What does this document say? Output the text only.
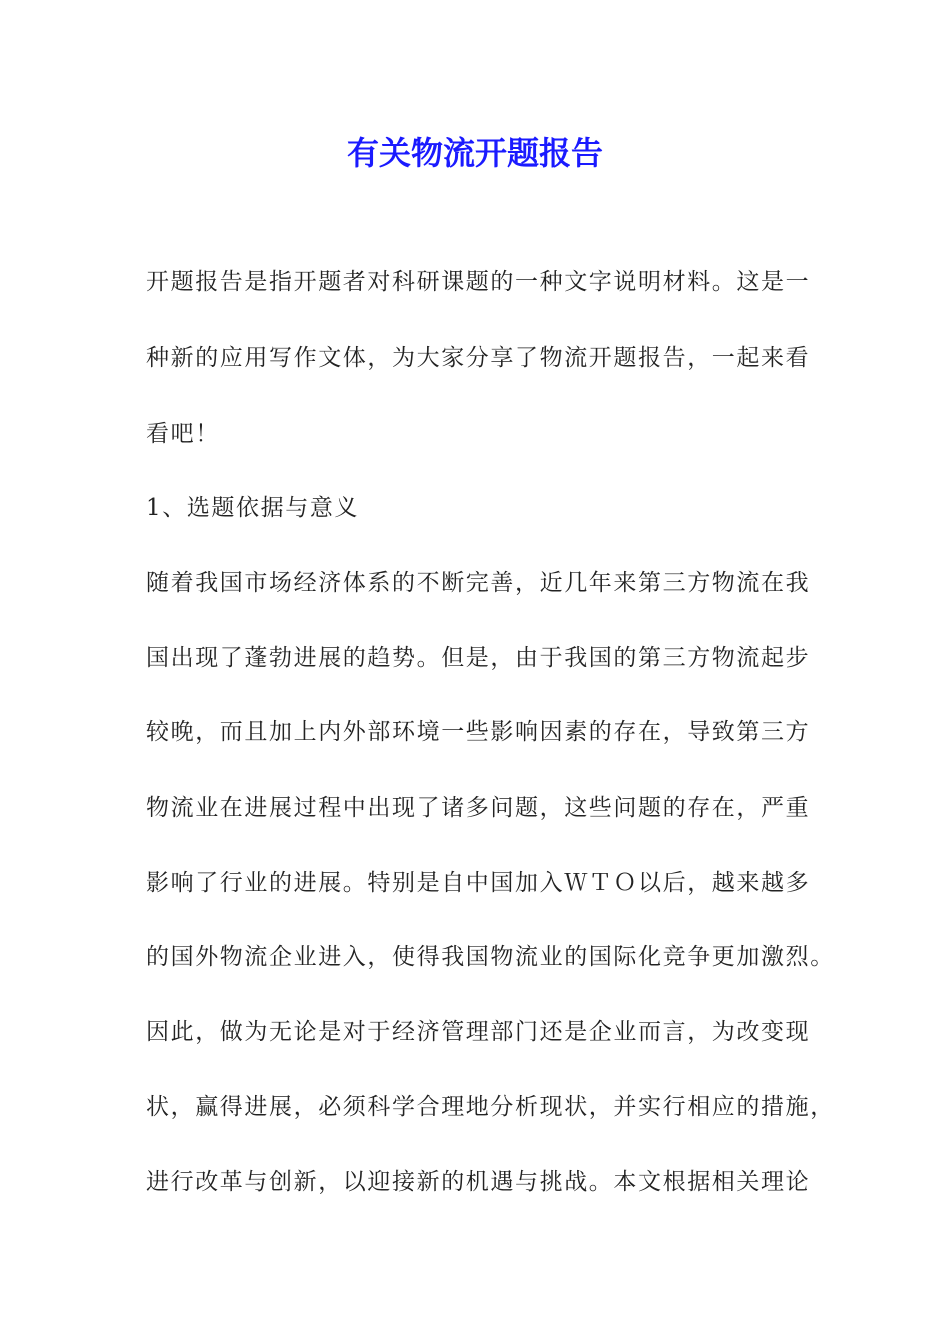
有关物流开题报告

开题报告是指开题者对科研课题的一种文字说明材料。这是一

种新的应用写作文体，为大家分享了物流开题报告，一起来看

看吧！

1、选题依据与意义

随着我国市场经济体系的不断完善，近几年来第三方物流在我

国出现了蓬勃进展的趋势。但是，由于我国的第三方物流起步

较晚，而且加上内外部环境一些影响因素的存在，导致第三方

物流业在进展过程中出现了诸多问题，这些问题的存在，严重

影响了行业的进展。特别是自中国加入ＷＴＯ以后，越来越多

的国外物流企业进入，使得我国物流业的国际化竞争更加激烈。

因此，做为无论是对于经济管理部门还是企业而言，为改变现

状，赢得进展，必须科学合理地分析现状，并实行相应的措施，

进行改革与创新，以迎接新的机遇与挑战。本文根据相关理论
